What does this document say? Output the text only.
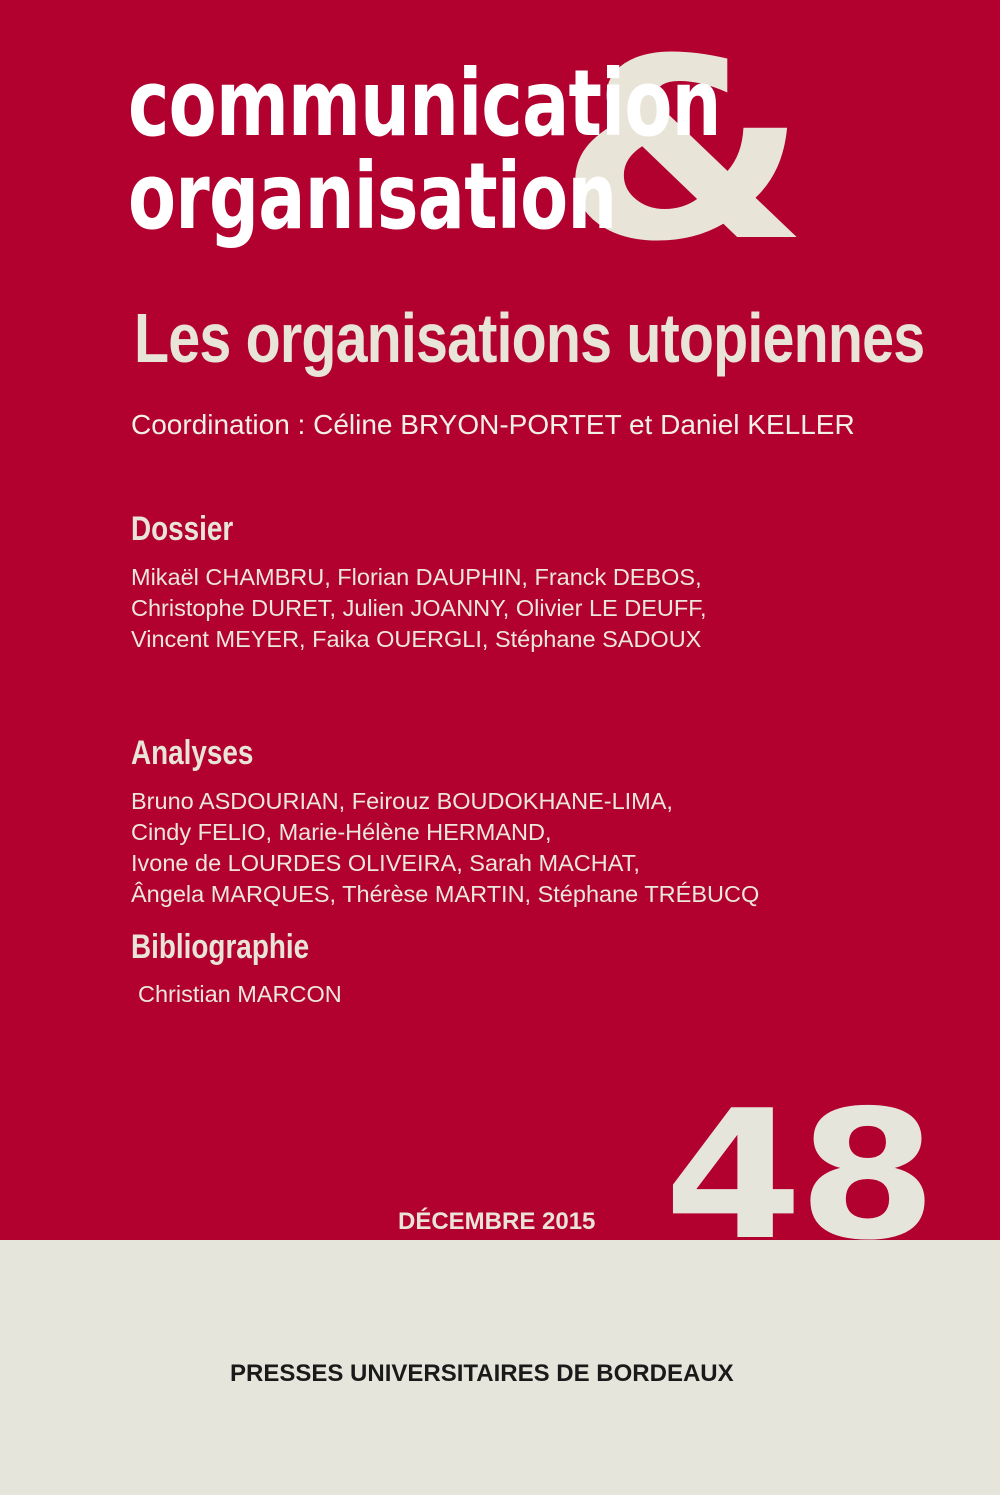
&
communication
organisation
Les organisations utopiennes

Coordination : Céline BRYON-PORTET et Daniel KELLER

Dossier
Mikaël CHAMBRU, Florian DAUPHIN, Franck DEBOS,
Christophe DURET, Julien JOANNY, Olivier LE DEUFF,
Vincent MEYER, Faika OUERGLI, Stéphane SADOUX
Analyses
Bruno ASDOURIAN, Feirouz BOUDOKHANE-LIMA,
Cindy FELIO, Marie-Hélène HERMAND,
Ivone de LOURDES OLIVEIRA, Sarah MACHAT,
Ângela MARQUES, Thérèse MARTIN, Stéphane TRÉBUCQ
Bibliographie
Christian MARCON

DÉCEMBRE 2015 48

PRESSES UNIVERSITAIRES DE BORDEAUX
